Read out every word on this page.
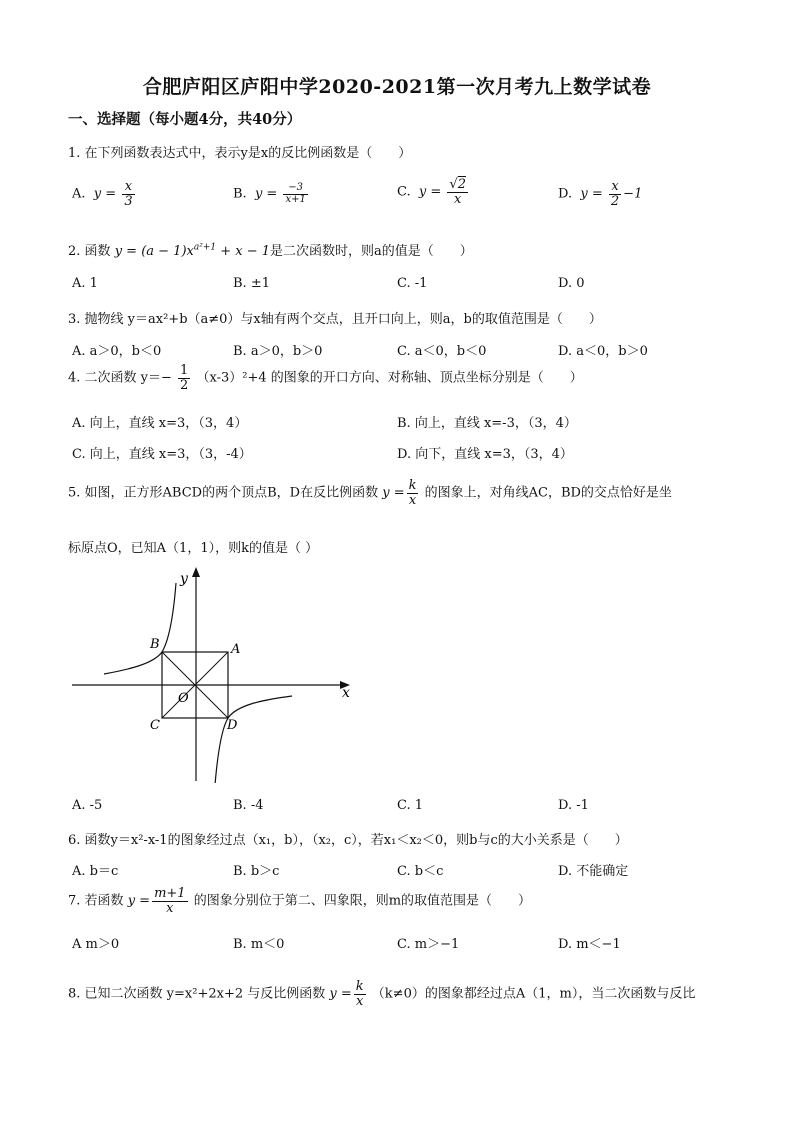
合肥庐阳区庐阳中学2020-2021第一次月考九上数学试卷
一、选择题（每小题4分，共40分）
1. 在下列函数表达式中，表示y是x的反比例函数是（　　）
A.  $y = \frac{x}{3}$	B.  $y = \frac{-3}{x+1}$	C.  $y = \frac{√2}{x}$	D.  $y = \frac{x}{2} -1$
2. 函数 $y = (a - 1)x^{a^2+1} + x - 1$是二次函数时，则a的值是（　　）
A. 1	B. ±1	C. -1	D. 0
3. 抛物线 y＝ax²+b（a≠0）与x轴有两个交点，且开口向上，则a，b的取值范围是（　　）
A. a＞0，b＜0	B. a＞0，b＞0	C. a＜0，b＜0	D. a＜0，b＞0
4. 二次函数 $y=- \frac{1}{2} (x-3)^2+4$ 的图象的开口方向、对称轴、顶点坐标分别是（　　）
A. 向上，直线 x=3，（3，4）	B. 向上，直线 x=-3，（3，4）
C. 向上，直线 x=3，（3，-4）	D. 向下，直线 x=3，（3，4）
5. 如图，正方形ABCD的两个顶点B，D在反比例函数 $y = \frac{k}{x}$ 的图象上，对角线AC，BD的交点恰好是坐
标原点O，已知A（1，1），则k的值是（ ）
y
x
A
B
C	D
O
A. -5	B. -4	C. 1	D. -1
6. 函数y＝x²-x-1的图象经过点（x₁，b），（x₂，c），若x₁＜x₂＜0，则b与c的大小关系是（　　）
A. b＝c	B. b＞c	C. b＜c	D. 不能确定
7. 若函数 $y = \frac{m+1}{x}$ 的图象分别位于第二、四象限，则m的取值范围是（　　）
A m＞0	B. m＜0	C. m＞−1	D. m＜−1
8. 已知二次函数 y=x²+2x+2 与反比例函数 $y = \frac{k}{x} (k\ne 0)$的图象都经过点A（1，m），当二次函数与反比
